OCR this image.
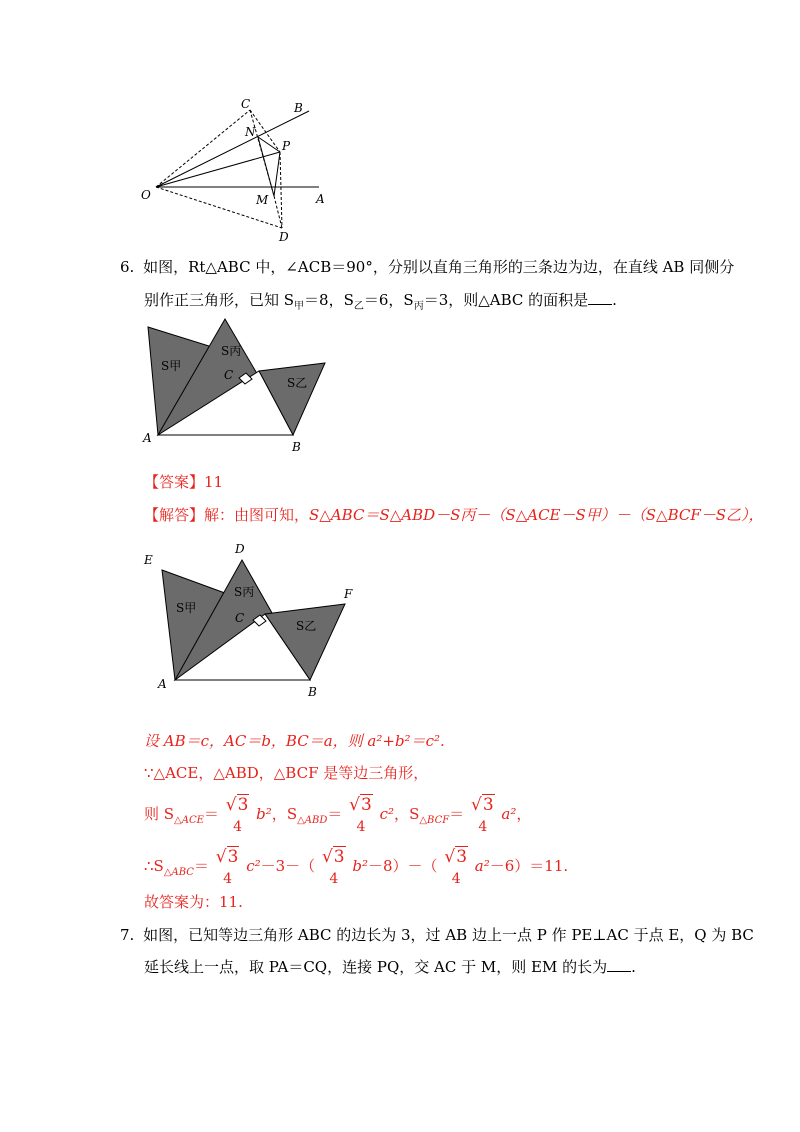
C	B
N
P
O	M	A
D
6. 如图，Rt△ABC 中，∠ACB＝90°，分别以直角三角形的三条边为边，在直线 AB 同侧分
别作正三角形，已知 $S_甲=8$，$S_乙=6$，$S_丙=3$，则△ABC 的面积是 .
S甲
S丙
S乙
C
A
B
【答案】11
【解答】解：由图可知，S△ABC＝S△ABD－S丙－（S△ACE－S甲）－（S△BCF－S乙），
E
D
F
S甲
S丙
S乙
C
A
B
设 AB＝c，AC＝b，BC＝a，则 a²+b²＝c².
∵△ACE，△ABD，△BCF 是等边三角形，
则 $S_{\triangle ACE}= √3$
4
b²，$S_{\triangle ABD}= √3$
4
c²，$S_{\triangle BCF}= √3$
4
a²，
$\therefore S_{\triangle ABC}= √3$
4
c²－3－（ √3
4
b²－8）－（ √3
4
a²－6）＝11.
故答案为：11.
7. 如图，已知等边三角形 ABC 的边长为 3，过 AB 边上一点 P 作 PE⊥AC 于点 E，Q 为 BC
延长线上一点，取 PA＝CQ，连接 PQ，交 AC 于 M，则 EM 的长为 .
